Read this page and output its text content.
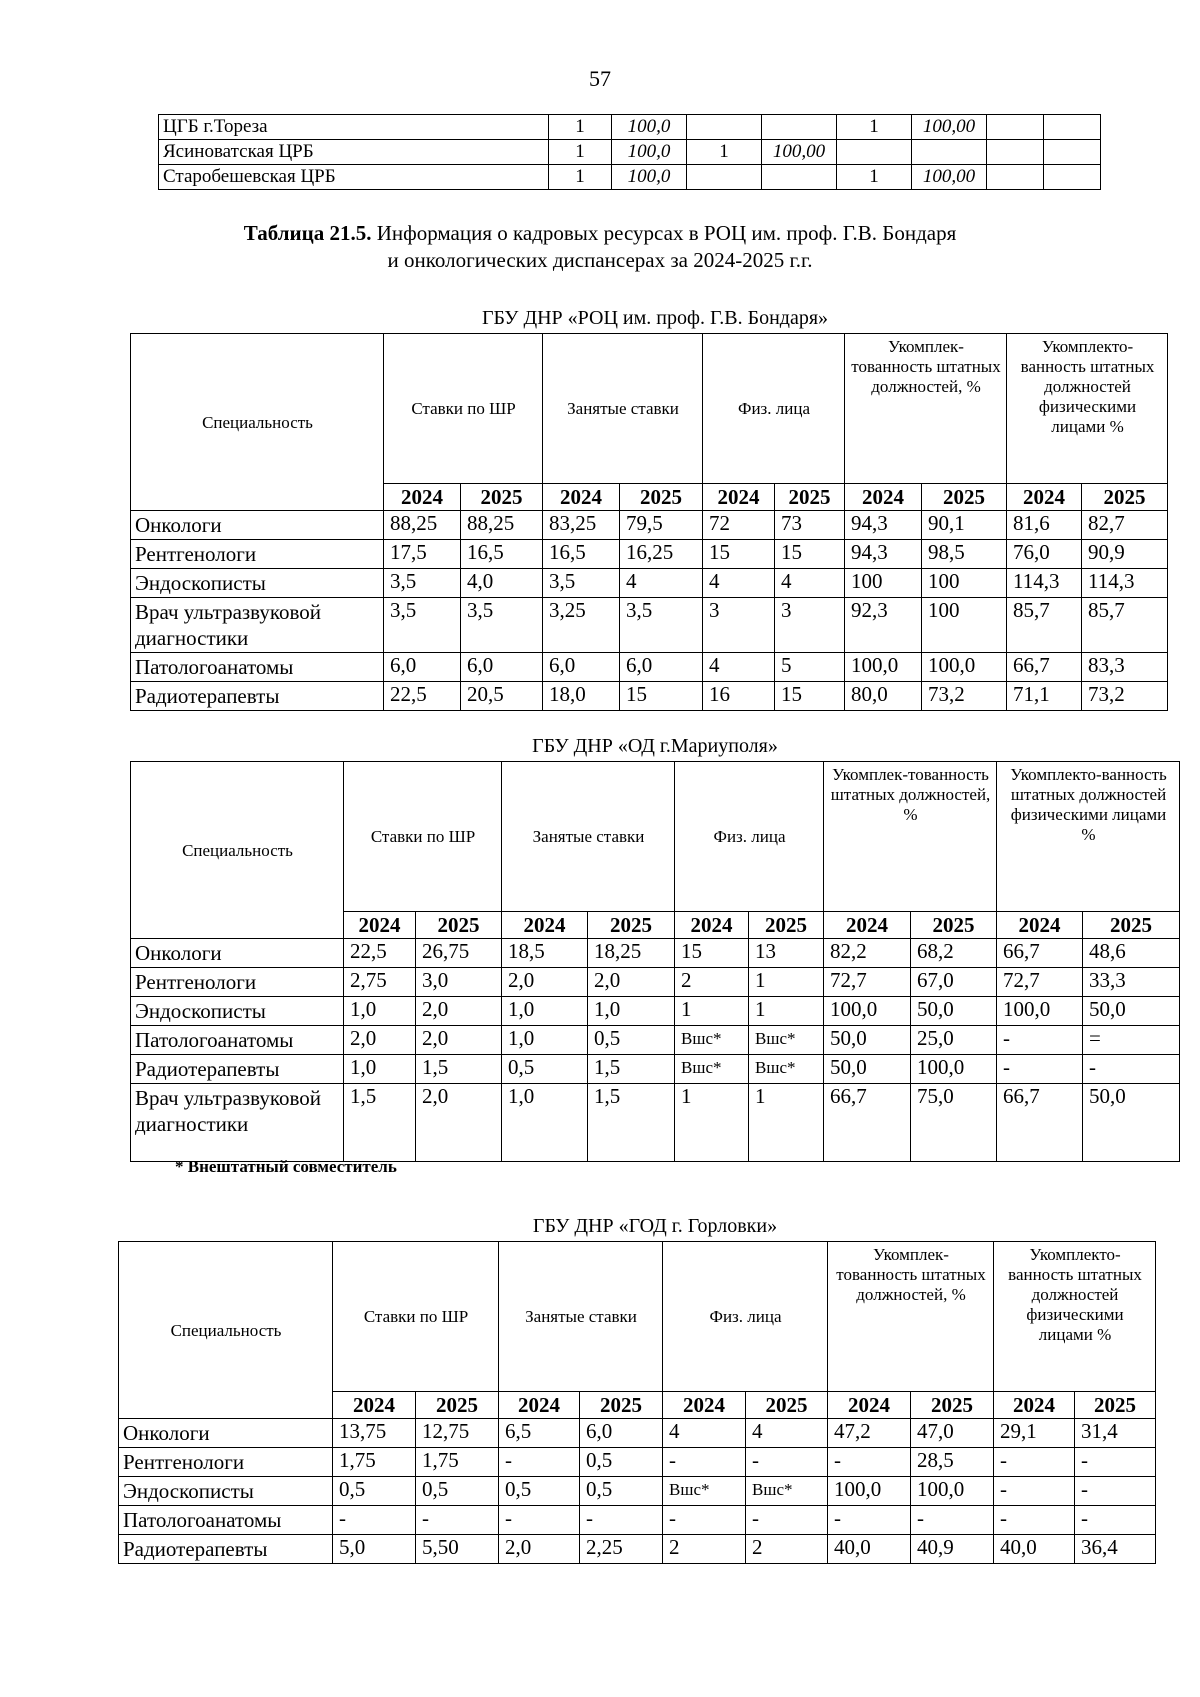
57
ЦГБ г.Тореза	1	100,0			1	100,00		
Ясиноватская ЦРБ	1	100,0	1	100,00				
Старобешевская ЦРБ	1	100,0			1	100,00		
Таблица 21.5. Информация о кадровых ресурсах в РОЦ им. проф. Г.В. Бондаря
и онкологических диспансерах за 2024-2025 г.г.
ГБУ ДНР «РОЦ им. проф. Г.В. Бондаря»
Специальность	Ставки по ШР		Занятые ставки		Физ. лица		Укомплек-тованность штатных должностей, %		Укомплекто-ванность штатных должностей физическими лицами %	
	2024	2025	2024	2025	2024	2025	2024	2025	2024	2025
Онкологи	88,25	88,25	83,25	79,5	72	73	94,3	90,1	81,6	82,7
Рентгенологи	17,5	16,5	16,5	16,25	15	15	94,3	98,5	76,0	90,9
Эндоскописты	3,5	4,0	3,5	4	4	4	100	100	114,3	114,3
Врач ультразвуковой диагностики	3,5	3,5	3,25	3,5	3	3	92,3	100	85,7	85,7
Патологоанатомы	6,0	6,0	6,0	6,0	4	5	100,0	100,0	66,7	83,3
Радиотерапевты	22,5	20,5	18,0	15	16	15	80,0	73,2	71,1	73,2
ГБУ ДНР «ОД г.Мариуполя»
Специальность	Ставки по ШР		Занятые ставки		Физ. лица		Укомплек-тованность штатных должностей, %		Укомплекто-ванность штатных должностей физическими лицами %	
	2024	2025	2024	2025	2024	2025	2024	2025	2024	2025
Онкологи	22,5	26,75	18,5	18,25	15	13	82,2	68,2	66,7	48,6
Рентгенологи	2,75	3,0	2,0	2,0	2	1	72,7	67,0	72,7	33,3
Эндоскописты	1,0	2,0	1,0	1,0	1	1	100,0	50,0	100,0	50,0
Патологоанатомы	2,0	2,0	1,0	0,5	Вшс*	Вшс*	50,0	25,0	-	=
Радиотерапевты	1,0	1,5	0,5	1,5	Вшс*	Вшс*	50,0	100,0	-	-
Врач ультразвуковой диагностики	1,5	2,0	1,0	1,5	1	1	66,7	75,0	66,7	50,0
* Внештатный совместитель
ГБУ ДНР «ГОД г. Горловки»
Специальность	Ставки по ШР		Занятые ставки		Физ. лица		Укомплек-тованность штатных должностей, %		Укомплекто-ванность штатных должностей физическими лицами %	
	2024	2025	2024	2025	2024	2025	2024	2025	2024	2025
Онкологи	13,75	12,75	6,5	6,0	4	4	47,2	47,0	29,1	31,4
Рентгенологи	1,75	1,75	-	0,5	-	-	-	28,5	-	-
Эндоскописты	0,5	0,5	0,5	0,5	Вшс*	Вшс*	100,0	100,0	-	-
Патологоанатомы	-	-	-	-	-	-	-	-	-	-
Радиотерапевты	5,0	5,50	2,0	2,25	2	2	40,0	40,9	40,0	36,4
